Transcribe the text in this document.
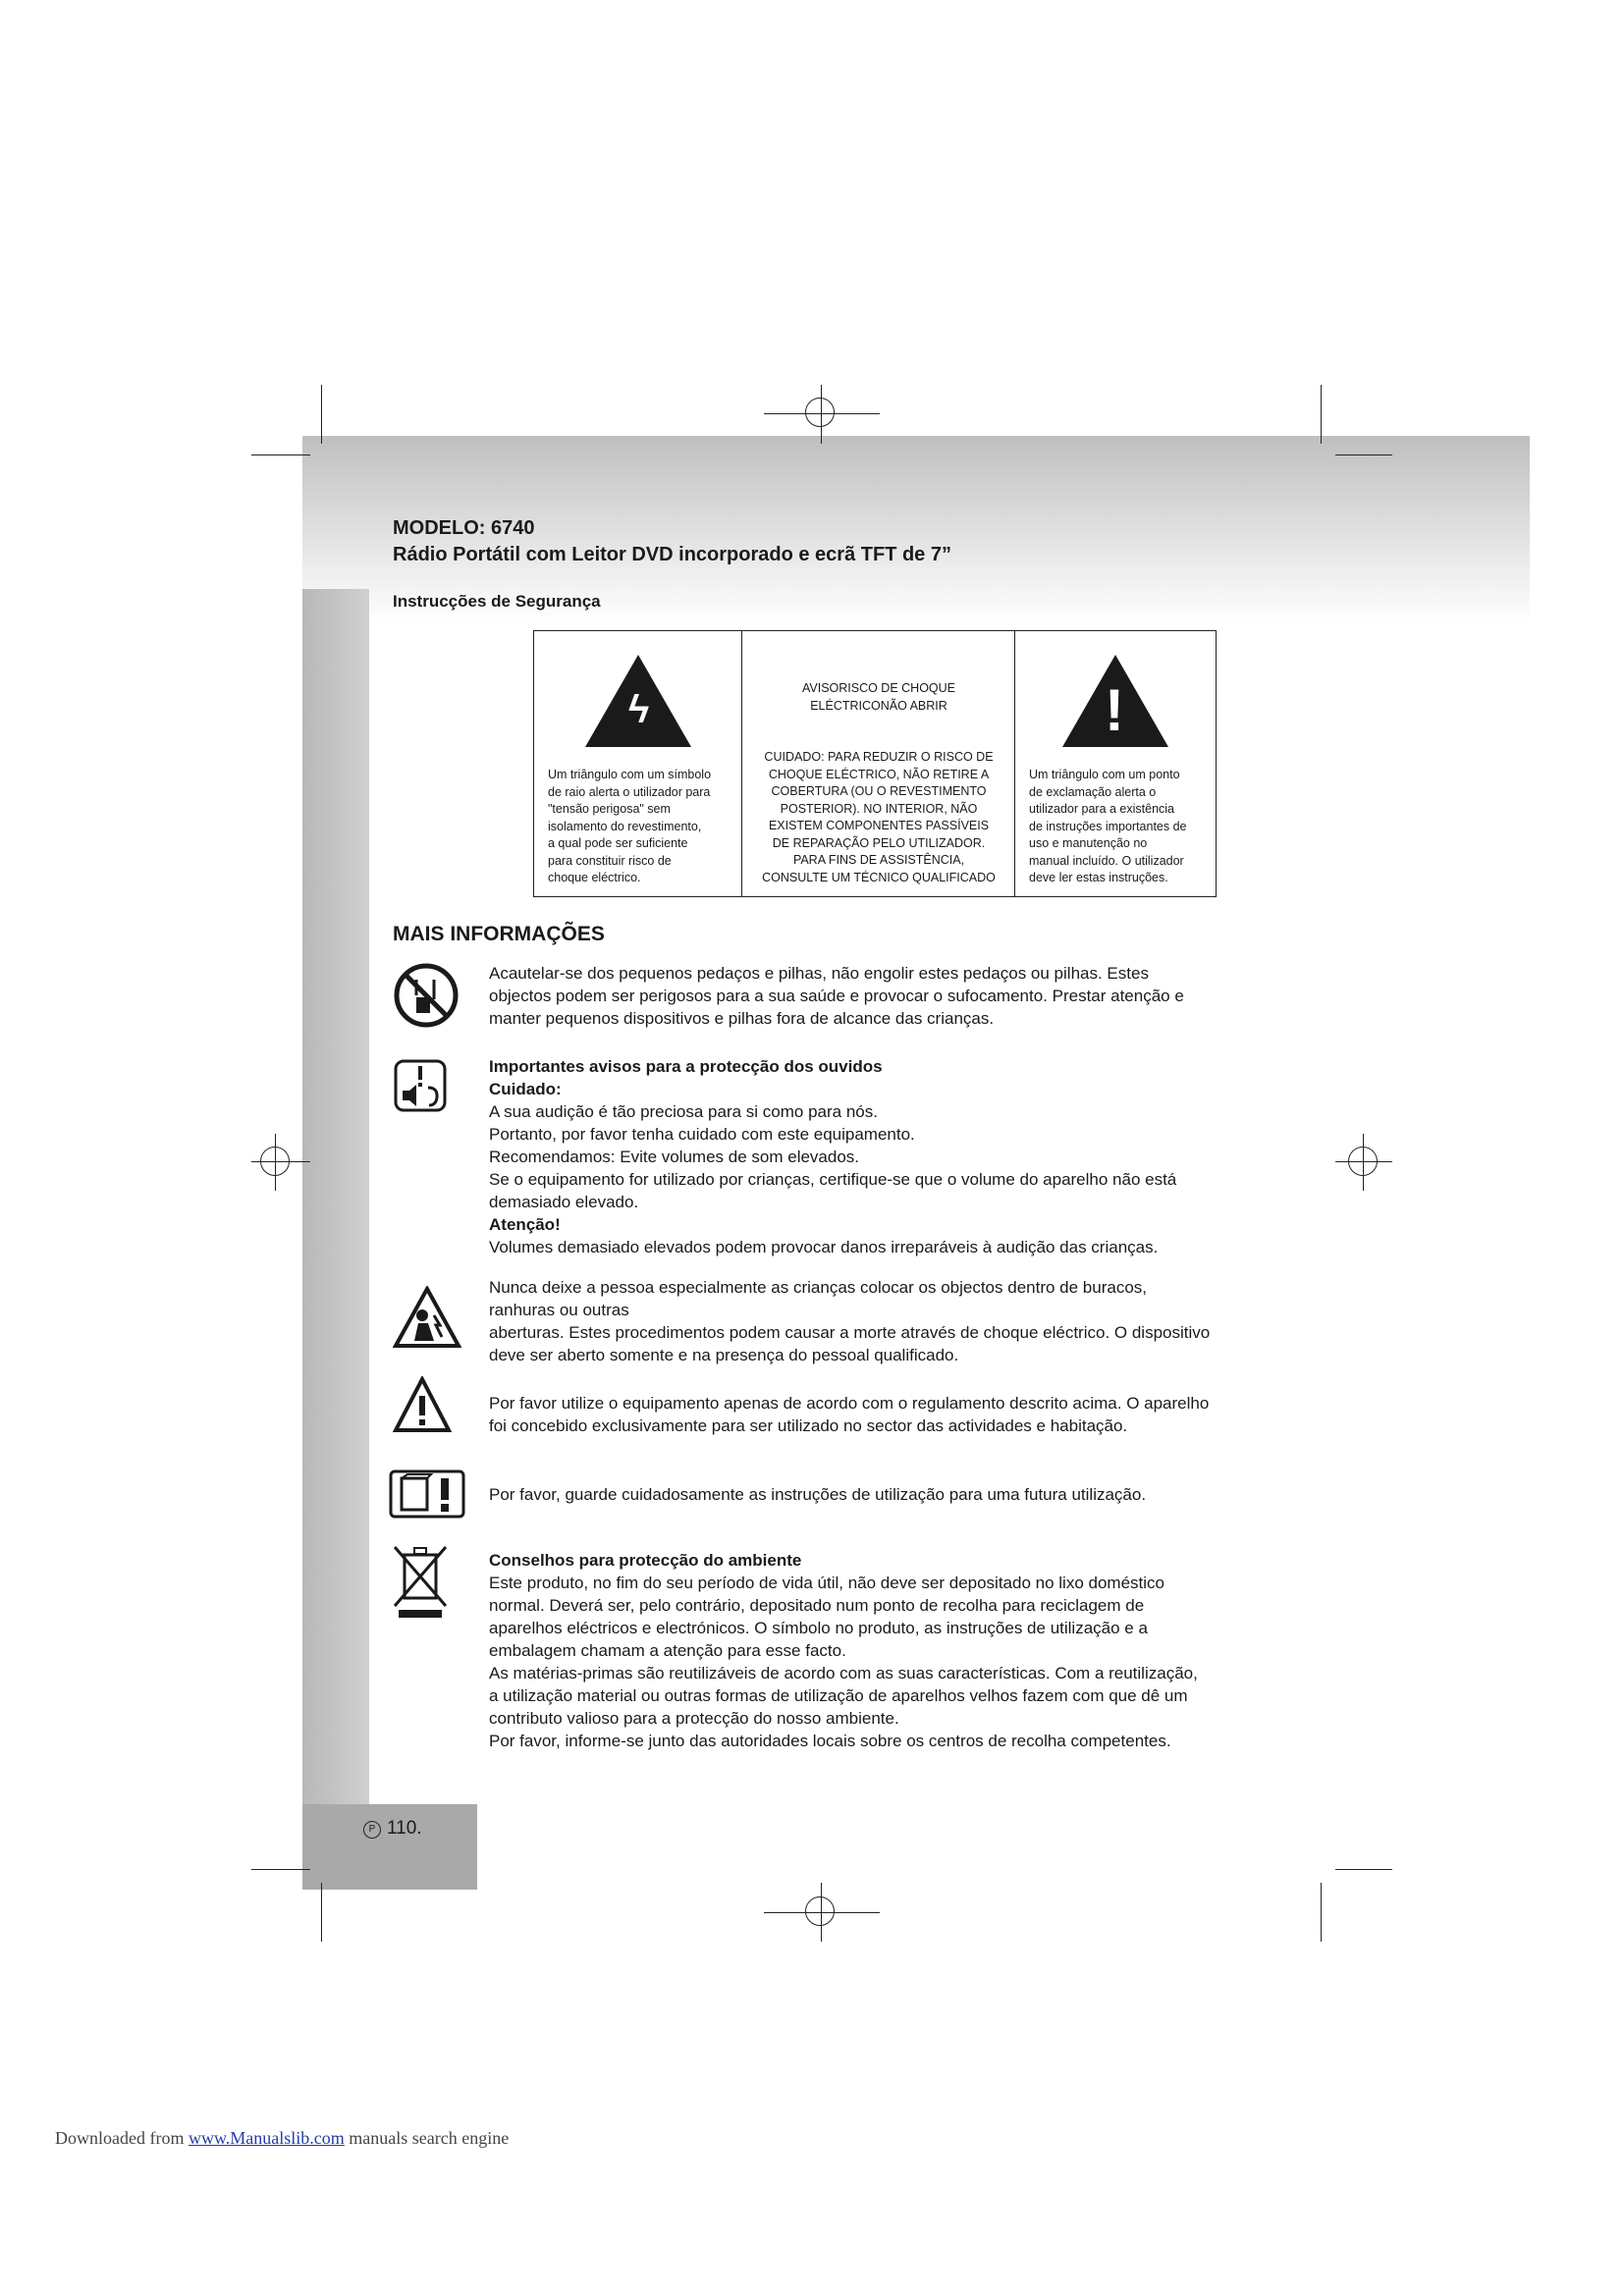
MODELO: 6740
Rádio Portátil com Leitor DVD incorporado e ecrã TFT de 7”
Instrucções de Segurança
ϟ
Um triângulo com um símbolo
de raio alerta o utilizador para
"tensão perigosa" sem
isolamento do revestimento,
a qual pode ser suficiente
para constituir risco de
choque eléctrico.
AVISORISCO DE CHOQUE
ELÉCTRICONÃO ABRIR
CUIDADO: PARA REDUZIR O RISCO DE
CHOQUE ELÉCTRICO, NÃO RETIRE A
COBERTURA (OU O REVESTIMENTO
POSTERIOR). NO INTERIOR, NÃO
EXISTEM COMPONENTES PASSÍVEIS
DE REPARAÇÃO PELO UTILIZADOR.
PARA FINS DE ASSISTÊNCIA,
CONSULTE UM TÉCNICO QUALIFICADO
!
Um triângulo com um ponto
de exclamação alerta o
utilizador para a existência
de instruções importantes de
uso e manutenção no
manual incluído. O utilizador
deve ler estas instruções.
MAIS INFORMAÇÕES
Acautelar-se dos pequenos pedaços e pilhas, não engolir estes pedaços ou pilhas. Estes
objectos podem ser perigosos para a sua saúde e provocar o sufocamento. Prestar atenção e
manter pequenos dispositivos e pilhas fora de alcance das crianças.
Importantes avisos para a protecção dos ouvidos
Cuidado:
A sua audição é tão preciosa para si como para nós.
Portanto, por favor tenha cuidado com este equipamento.
Recomendamos: Evite volumes de som elevados.
Se o equipamento for utilizado por crianças, certifique-se que o volume do aparelho não está
demasiado elevado.
Atenção!
Volumes demasiado elevados podem provocar danos irreparáveis à audição das crianças.
Nunca deixe a pessoa especialmente as crianças colocar os objectos dentro de buracos,
ranhuras ou outras
aberturas. Estes procedimentos podem causar a morte através de choque eléctrico. O dispositivo
deve ser aberto somente e na presença do pessoal qualificado.
Por favor utilize o equipamento apenas de acordo com o regulamento descrito acima. O aparelho
foi concebido exclusivamente para ser utilizado no sector das actividades e habitação.
Por favor, guarde cuidadosamente as instruções de utilização para uma futura utilização.
Conselhos para protecção do ambiente
Este produto, no fim do seu período de vida útil, não deve ser depositado no lixo doméstico
normal. Deverá ser, pelo contrário, depositado num ponto de recolha para reciclagem de
aparelhos eléctricos e electrónicos. O símbolo no produto, as instruções de utilização e a
embalagem chamam a atenção para esse facto.
As matérias-primas são reutilizáveis de acordo com as suas características. Com a reutilização,
a utilização material ou outras formas de utilização de aparelhos velhos fazem com que dê um
contributo valioso para a protecção do nosso ambiente.
Por favor, informe-se junto das autoridades locais sobre os centros de recolha competentes.
P 110.
Downloaded from www.Manualslib.com manuals search engine
